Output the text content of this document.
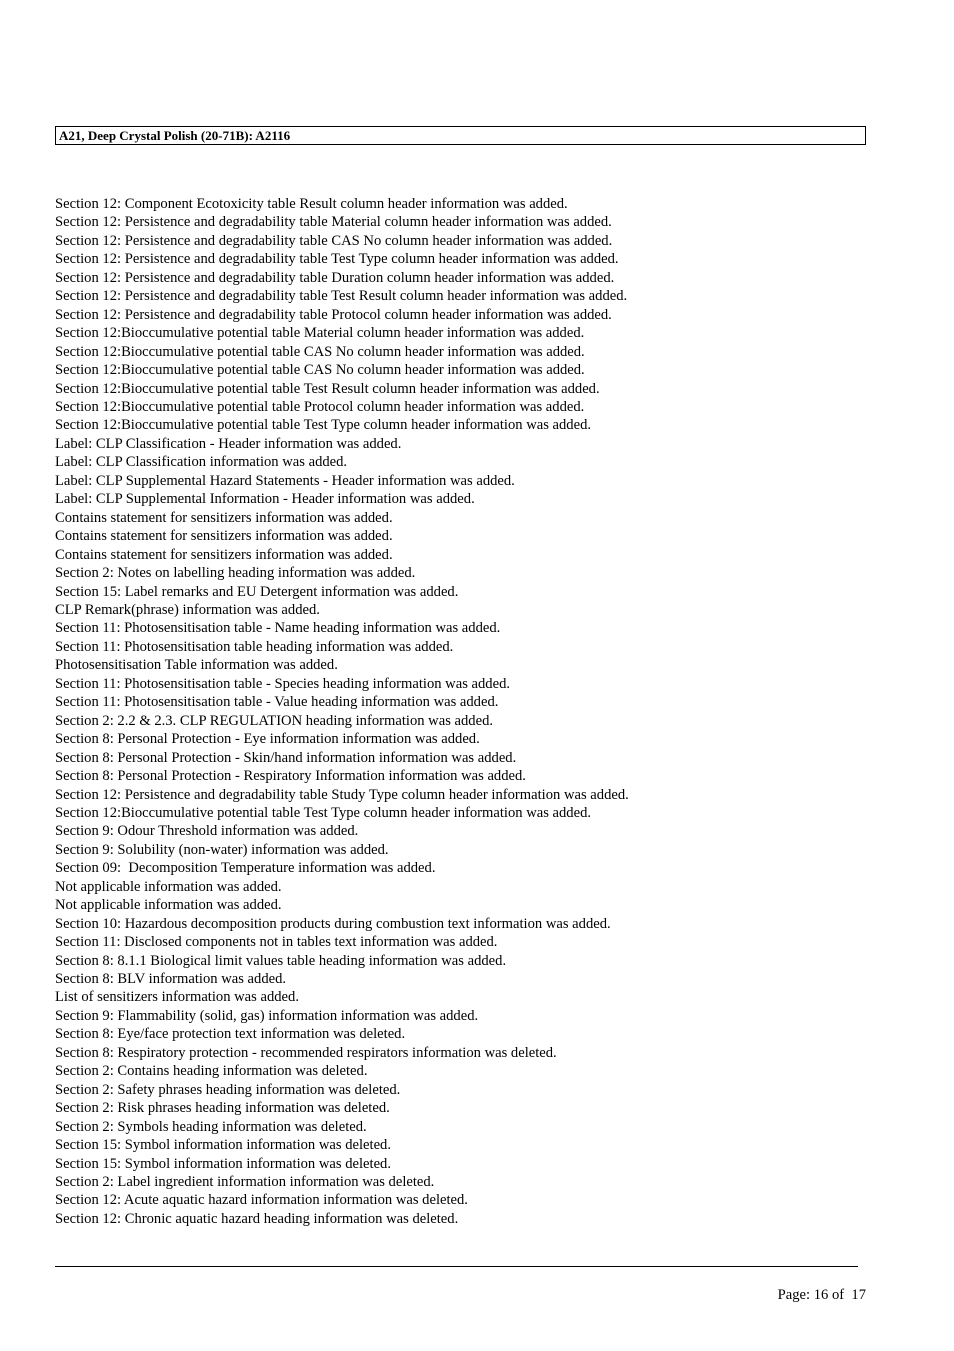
A21, Deep Crystal Polish (20-71B): A2116
Section 12: Component Ecotoxicity table Result column header information was added.
Section 12: Persistence and degradability table Material column header information was added.
Section 12: Persistence and degradability table CAS No column header information was added.
Section 12: Persistence and degradability table Test Type column header information was added.
Section 12: Persistence and degradability table Duration column header information was added.
Section 12: Persistence and degradability table Test Result column header information was added.
Section 12: Persistence and degradability table Protocol column header information was added.
Section 12:Bioccumulative potential table Material column header information was added.
Section 12:Bioccumulative potential table CAS No column header information was added.
Section 12:Bioccumulative potential table CAS No column header information was added.
Section 12:Bioccumulative potential table Test Result column header information was added.
Section 12:Bioccumulative potential table Protocol column header information was added.
Section 12:Bioccumulative potential table Test Type column header information was added.
Label: CLP Classification - Header information was added.
Label: CLP Classification information was added.
Label: CLP Supplemental Hazard Statements - Header information was added.
Label: CLP Supplemental Information - Header information was added.
Contains statement for sensitizers information was added.
Contains statement for sensitizers information was added.
Contains statement for sensitizers information was added.
Section 2: Notes on labelling heading information was added.
Section 15: Label remarks and EU Detergent information was added.
CLP Remark(phrase) information was added.
Section 11: Photosensitisation table - Name heading information was added.
Section 11: Photosensitisation table heading information was added.
Photosensitisation Table information was added.
Section 11: Photosensitisation table - Species heading information was added.
Section 11: Photosensitisation table - Value heading information was added.
Section 2: 2.2 & 2.3. CLP REGULATION heading information was added.
Section 8: Personal Protection - Eye information information was added.
Section 8: Personal Protection - Skin/hand information information was added.
Section 8: Personal Protection - Respiratory Information information was added.
Section 12: Persistence and degradability table Study Type column header information was added.
Section 12:Bioccumulative potential table Test Type column header information was added.
Section 9: Odour Threshold information was added.
Section 9: Solubility (non-water) information was added.
Section 09:  Decomposition Temperature information was added.
Not applicable information was added.
Not applicable information was added.
Section 10: Hazardous decomposition products during combustion text information was added.
Section 11: Disclosed components not in tables text information was added.
Section 8: 8.1.1 Biological limit values table heading information was added.
Section 8: BLV information was added.
List of sensitizers information was added.
Section 9: Flammability (solid, gas) information information was added.
Section 8: Eye/face protection text information was deleted.
Section 8: Respiratory protection - recommended respirators information was deleted.
Section 2: Contains heading information was deleted.
Section 2: Safety phrases heading information was deleted.
Section 2: Risk phrases heading information was deleted.
Section 2: Symbols heading information was deleted.
Section 15: Symbol information information was deleted.
Section 15: Symbol information information was deleted.
Section 2: Label ingredient information information was deleted.
Section 12: Acute aquatic hazard information information was deleted.
Section 12: Chronic aquatic hazard heading information was deleted.
Page: 16 of  17
